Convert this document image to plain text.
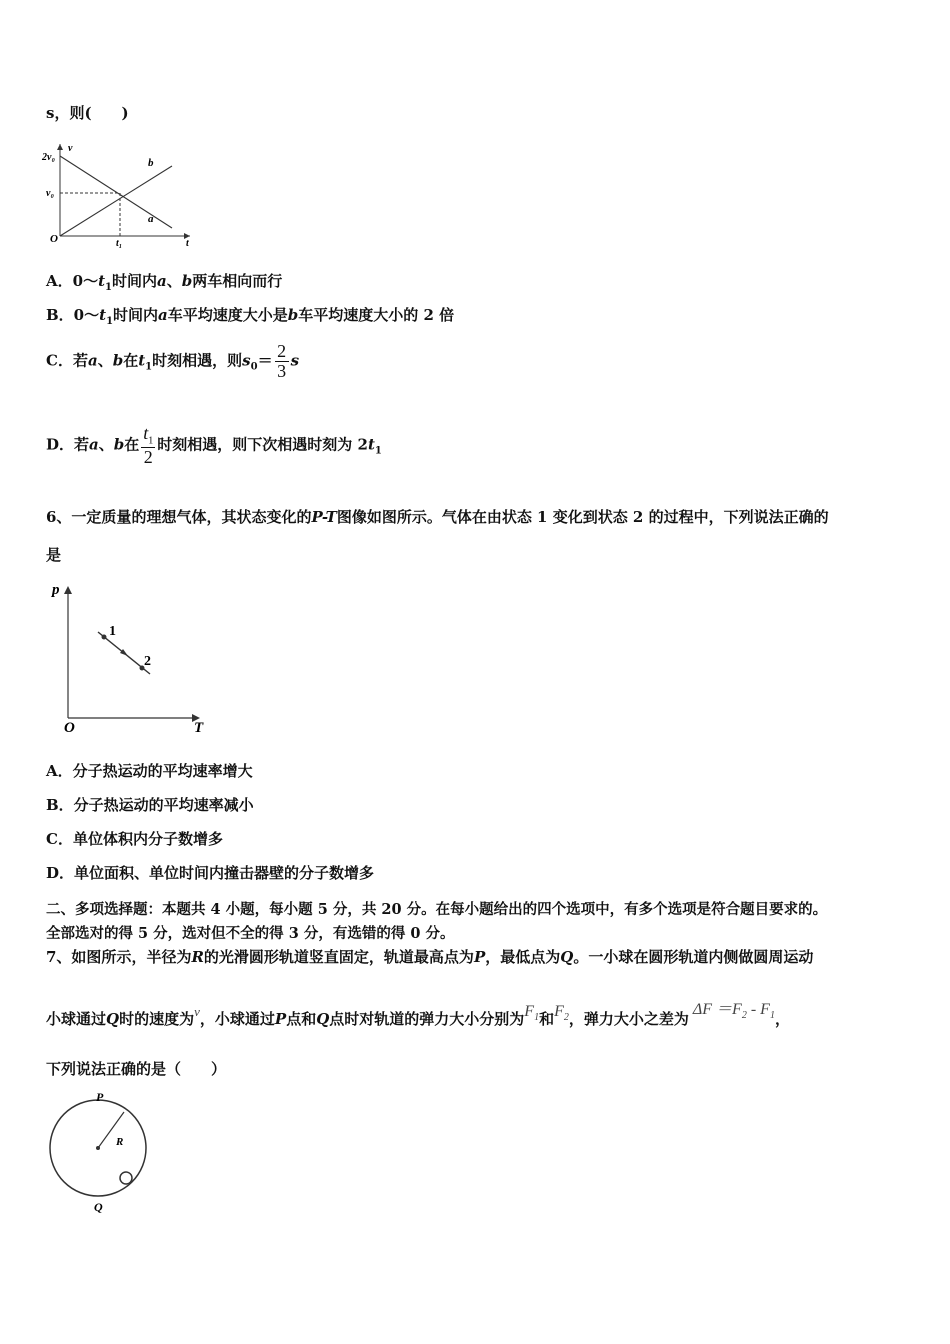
s，则(　　)
v
t
O
2v₀
v₀
t₁
a
b
A．$0\sim t_1$时间内a、b两车相向而行
B．$0\sim t_1$时间内a车平均速度大小是b车平均速度大小的 2 倍
C．若a、b在$t_1$时刻相遇，则$s_0= \frac{2}{3}$ s
D．若a、b在 $\frac{t_1}{2}$ 时刻相遇，则下次相遇时刻为 $2t_1$
6、一定质量的理想气体，其状态变化的P-T图像如图所示。气体在由状态 1 变化到状态 2 的过程中，下列说法正确的
是
p
T
O
1
2
A．分子热运动的平均速率增大
B．分子热运动的平均速率减小
C．单位体积内分子数增多
D．单位面积、单位时间内撞击器壁的分子数增多
二、多项选择题：本题共 4 小题，每小题 5 分，共 20 分。在每小题给出的四个选项中，有多个选项是符合题目要求的。
全部选对的得 5 分，选对但不全的得 3 分，有选错的得 0 分。
7、如图所示，半径为R的光滑圆形轨道竖直固定，轨道最高点为P，最低点为Q。一小球在圆形轨道内侧做圆周运动
小球通过Q时的速度为v，小球通过P点和Q点时对轨道的弹力大小分别为$F_1$和$F_2$，弹力大小之差为$\Delta F =F_2 - F_1$，
下列说法正确的是（　　）
P
Q
R
